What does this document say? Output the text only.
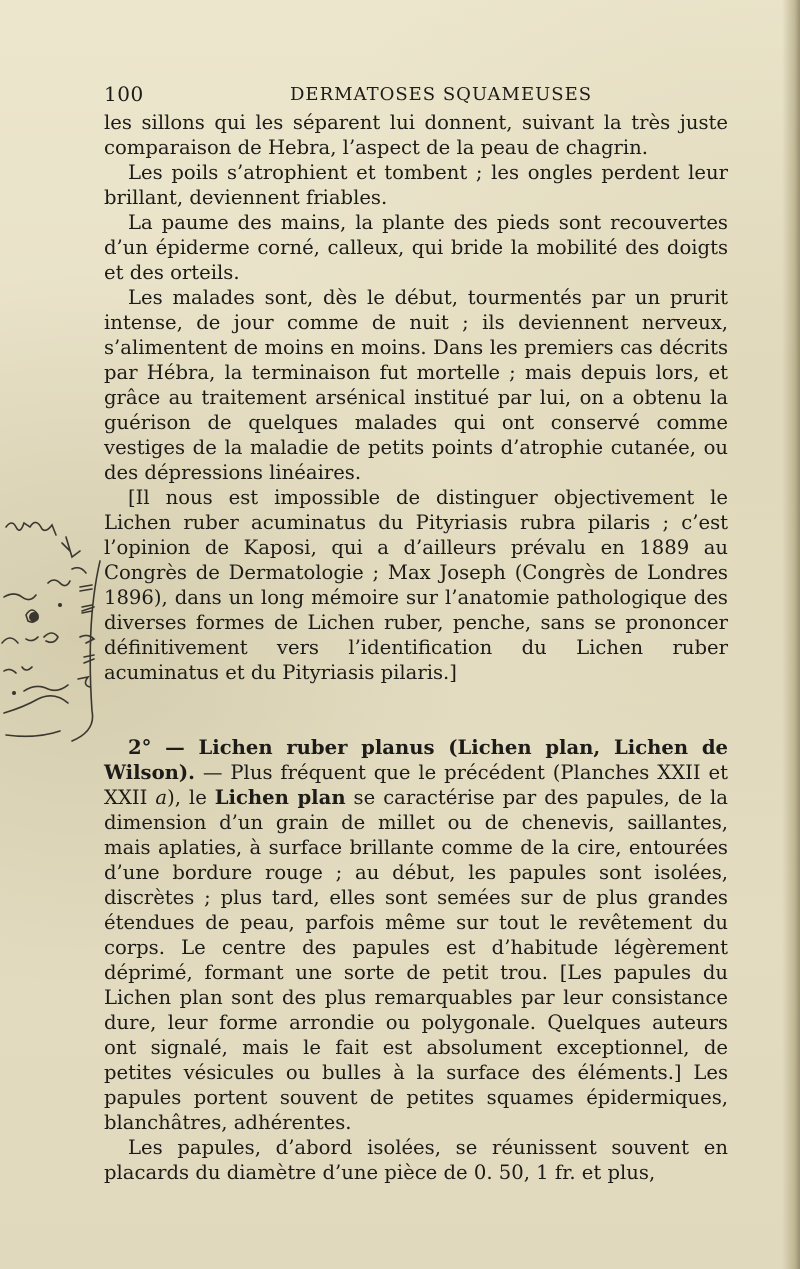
100	DERMATOSES SQUAMEUSES

les sillons qui les séparent lui donnent, suivant la très juste comparaison de Hebra, l’aspect de la peau de chagrin.

Les poils s’atrophient et tombent ; les ongles perdent leur brillant, deviennent friables.

La paume des mains, la plante des pieds sont recouvertes d’un épiderme corné, calleux, qui bride la mobilité des doigts et des orteils.

Les malades sont, dès le début, tourmentés par un prurit intense, de jour comme de nuit ; ils deviennent nerveux, s’alimentent de moins en moins. Dans les premiers cas décrits par Hébra, la terminaison fut mortelle ; mais depuis lors, et grâce au traitement arsénical institué par lui, on a obtenu la guérison de quelques malades qui ont conservé comme vestiges de la maladie de petits points d’atrophie cutanée, ou des dépressions linéaires.

[Il nous est impossible de distinguer objectivement le Lichen ruber acuminatus du Pityriasis rubra pilaris ; c’est l’opinion de Kaposi, qui a d’ailleurs prévalu en 1889 au Congrès de Dermatologie ; Max Joseph (Congrès de Londres 1896), dans un long mémoire sur l’anatomie pathologique des diverses formes de Lichen ruber, penche, sans se prononcer définitivement vers l’identification du Lichen ruber acuminatus et du Pityriasis pilaris.]

2° — Lichen ruber planus (Lichen plan, Lichen de Wilson). — Plus fréquent que le précédent (Planches XXII et XXII a), le Lichen plan se caractérise par des papules, de la dimension d’un grain de millet ou de chenevis, saillantes, mais aplaties, à surface brillante comme de la cire, entourées d’une bordure rouge ; au début, les papules sont isolées, discrètes ; plus tard, elles sont semées sur de plus grandes étendues de peau, parfois même sur tout le revêtement du corps. Le centre des papules est d’habitude légèrement déprimé, formant une sorte de petit trou. [Les papules du Lichen plan sont des plus remarquables par leur consistance dure, leur forme arrondie ou polygonale. Quelques auteurs ont signalé, mais le fait est absolument exceptionnel, de petites vésicules ou bulles à la surface des éléments.] Les papules portent souvent de petites squames épidermiques, blanchâtres, adhérentes.

Les papules, d’abord isolées, se réunissent souvent en placards du diamètre d’une pièce de 0. 50, 1 fr. et plus,
